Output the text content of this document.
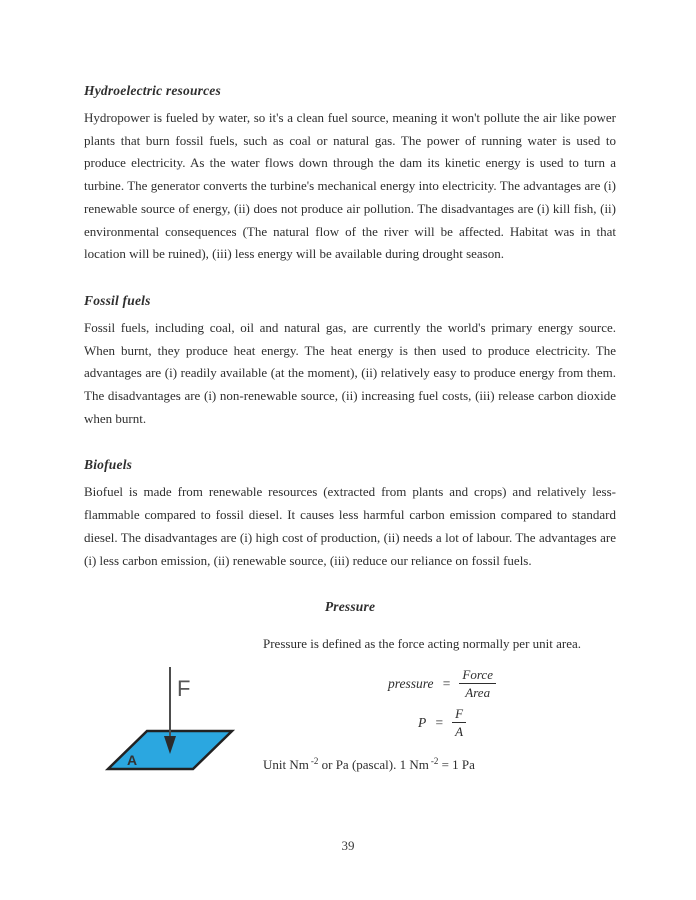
Hydroelectric resources

Hydropower is fueled by water, so it's a clean fuel source, meaning it won't pollute the air like power plants that burn fossil fuels, such as coal or natural gas. The power of running water is used to produce electricity. As the water flows down through the dam its kinetic energy is used to turn a turbine. The generator converts the turbine's mechanical energy into electricity. The advantages are (i) renewable source of energy, (ii) does not produce air pollution. The disadvantages are (i) kill fish, (ii) environmental consequences (The natural flow of the river will be affected. Habitat was in that location will be ruined), (iii) less energy will be available during drought season.

Fossil fuels

Fossil fuels, including coal, oil and natural gas, are currently the world's primary energy source. When burnt, they produce heat energy. The heat energy is then used to produce electricity. The advantages are (i) readily available (at the moment), (ii) relatively easy to produce energy from them. The disadvantages are (i) non-renewable source, (ii) increasing fuel costs, (iii) release carbon dioxide when burnt.

Biofuels

Biofuel is made from renewable resources (extracted from plants and crops) and relatively less-flammable compared to fossil diesel. It causes less harmful carbon emission compared to standard diesel. The disadvantages are (i) high cost of production, (ii) needs a lot of labour. The advantages are (i) less carbon emission, (ii) renewable source, (iii) reduce our reliance on fossil fuels.

Pressure

Pressure is defined as the force acting normally per unit area.

F
A
pressure = $\frac{\text{Force}}{\text{Area}}$
$P = \frac{F}{A}$
Unit Nm $^{-2}$ or Pa (pascal). 1 Nm $^{-2}$ = 1 Pa
39
